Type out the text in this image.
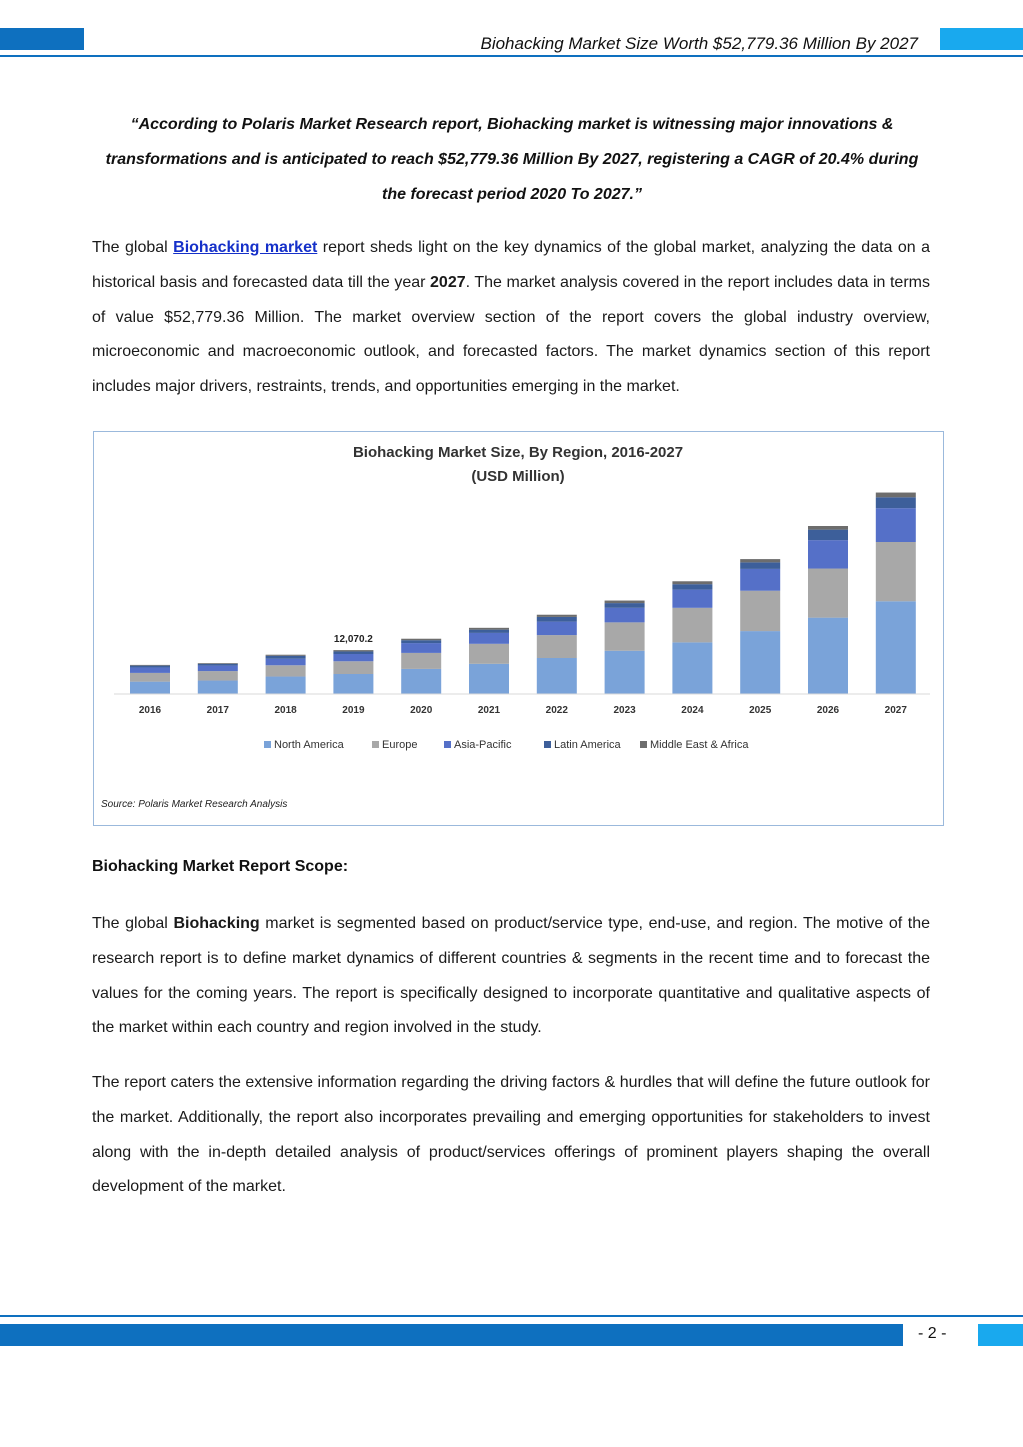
Biohacking Market Size Worth $52,779.36 Million By 2027
“According to Polaris Market Research report, Biohacking market is witnessing major innovations & transformations and is anticipated to reach $52,779.36 Million By 2027, registering a CAGR of 20.4% during the forecast period 2020 To 2027.”
The global Biohacking market report sheds light on the key dynamics of the global market, analyzing the data on a historical basis and forecasted data till the year 2027. The market analysis covered in the report includes data in terms of value $52,779.36 Million. The market overview section of the report covers the global industry overview, microeconomic and macroeconomic outlook, and forecasted factors. The market dynamics section of this report includes major drivers, restraints, trends, and opportunities emerging in the market.
Biohacking Market Size, By Region, 2016-2027
(USD Million)
2016	2017	2018	2019	2020	2021	2022	2023	2024	2025	2026	2027
12,070.2
North America	Europe	Asia-Pacific	Latin America	Middle East & Africa
Source: Polaris Market Research Analysis
Biohacking Market Report Scope:
The global Biohacking market is segmented based on product/service type, end-use, and region. The motive of the research report is to define market dynamics of different countries & segments in the recent time and to forecast the values for the coming years. The report is specifically designed to incorporate quantitative and qualitative aspects of the market within each country and region involved in the study.
The report caters the extensive information regarding the driving factors & hurdles that will define the future outlook for the market. Additionally, the report also incorporates prevailing and emerging opportunities for stakeholders to invest along with the in-depth detailed analysis of product/services offerings of prominent players shaping the overall development of the market.
- 2 -
